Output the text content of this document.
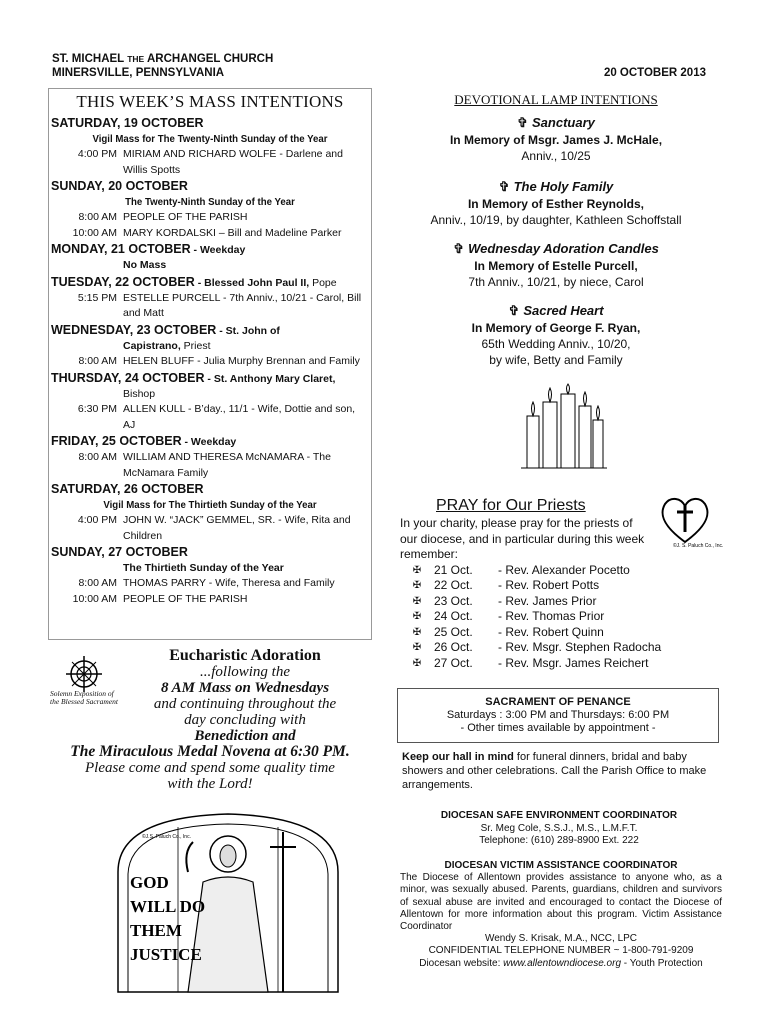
ST. MICHAEL THE ARCHANGEL CHURCH
MINERSVILLE, PENNSYLVANIA	20 OCTOBER 2013
THIS WEEK’S MASS INTENTIONS
SATURDAY, 19 OCTOBER
Vigil Mass for The Twenty-Ninth Sunday of the Year
4:00 PM MIRIAM AND RICHARD WOLFE - Darlene and Willis Spotts
SUNDAY, 20 OCTOBER
The Twenty-Ninth Sunday of the Year
8:00 AM PEOPLE OF THE PARISH
10:00 AM MARY KORDALSKI – Bill and Madeline Parker
MONDAY, 21 OCTOBER - Weekday
No Mass
TUESDAY, 22 OCTOBER - Blessed John Paul II, Pope
5:15 PM ESTELLE PURCELL - 7th Anniv., 10/21 - Carol, Bill and Matt
WEDNESDAY, 23 OCTOBER - St. John of
Capistrano, Priest
8:00 AM HELEN BLUFF - Julia Murphy Brennan and Family
THURSDAY, 24 OCTOBER - St. Anthony Mary Claret,
Bishop
6:30 PM ALLEN KULL - B’day., 11/1 - Wife, Dottie and son, AJ
FRIDAY, 25 OCTOBER - Weekday
8:00 AM WILLIAM AND THERESA McNAMARA - The McNamara Family
SATURDAY, 26 OCTOBER
Vigil Mass for The Thirtieth Sunday of the Year
4:00 PM JOHN W. “JACK” GEMMEL, SR. - Wife, Rita and Children
SUNDAY, 27 OCTOBER
The Thirtieth Sunday of the Year
8:00 AM THOMAS PARRY - Wife, Theresa and Family
10:00 AM PEOPLE OF THE PARISH
Solemn Exposition of
the Blessed Sacrament
Eucharistic Adoration
...following the
8 AM Mass on Wednesdays
and continuing throughout the
day concluding with
Benediction and
The Miraculous Medal Novena at 6:30 PM.
Please come and spend some quality time
with the Lord!
©J.S. Paluch Co., Inc.
GOD
WILL DO
THEM
JUSTICE
DEVOTIONAL LAMP INTENTIONS
✞ Sanctuary
In Memory of Msgr. James J. McHale,
Anniv., 10/25
✞ The Holy Family
In Memory of Esther Reynolds,
Anniv., 10/19, by daughter, Kathleen Schoffstall
✞ Wednesday Adoration Candles
In Memory of Estelle Purcell,
7th Anniv., 10/21, by niece, Carol
✞ Sacred Heart
In Memory of George F. Ryan,
65th Wedding Anniv., 10/20,
by wife, Betty and Family
PRAY for Our Priests
In your charity, please pray for the priests of our diocese, and in particular during this week remember:
✠	21 Oct.	- Rev. Alexander Pocetto
✠	22 Oct.	- Rev. Robert Potts
✠	23 Oct.	- Rev. James Prior
✠	24 Oct.	- Rev. Thomas Prior
✠	25 Oct.	- Rev. Robert Quinn
✠	26 Oct.	- Rev. Msgr. Stephen Radocha
✠	27 Oct.	- Rev. Msgr. James Reichert
©J. S. Paluch Co., Inc.
SACRAMENT OF PENANCE
Saturdays : 3:00 PM and Thursdays: 6:00 PM
- Other times available by appointment -
Keep our hall in mind for funeral dinners, bridal and baby showers and other celebrations. Call the Parish Office to make arrangements.
DIOCESAN SAFE ENVIRONMENT COORDINATOR
Sr. Meg Cole, S.S.J., M.S., L.M.F.T.
Telephone: (610) 289-8900 Ext. 222
DIOCESAN VICTIM ASSISTANCE COORDINATOR
The Diocese of Allentown provides assistance to anyone who, as a minor, was sexually abused. Parents, guardians, children and survivors of sexual abuse are invited and encouraged to contact the Diocese of Allentown for more information about this program. Victim Assistance Coordinator
Wendy S. Krisak, M.A., NCC, LPC
CONFIDENTIAL TELEPHONE NUMBER ~ 1-800-791-9209
Diocesan website: www.allentowndiocese.org - Youth Protection
